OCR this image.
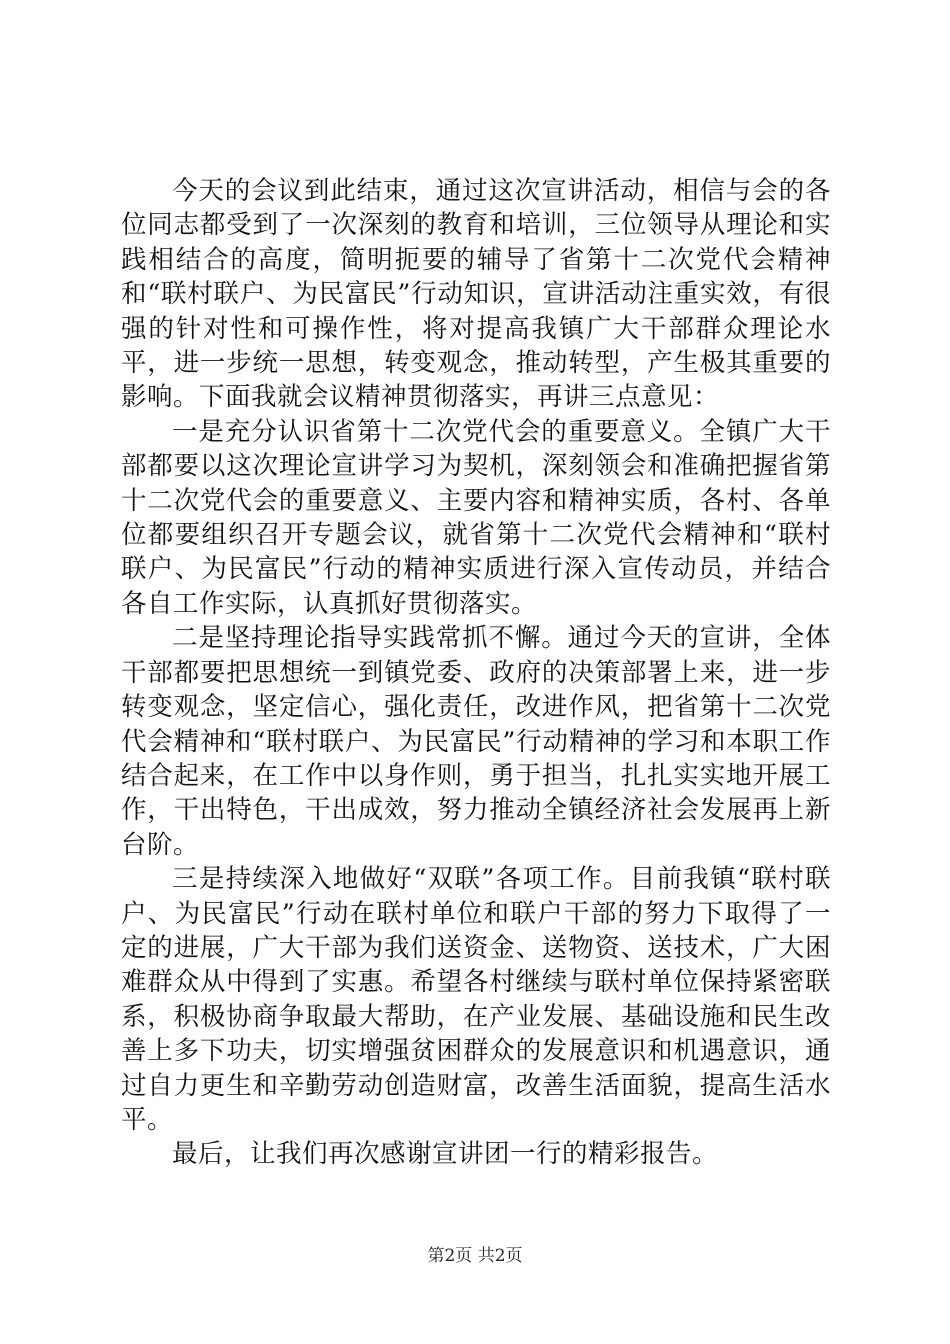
今天的会议到此结束，通过这次宣讲活动，相信与会的各位同志都受到了一次深刻的教育和培训，三位领导从理论和实践相结合的高度，简明扼要的辅导了省第十二次党代会精神和“联村联户、为民富民”行动知识，宣讲活动注重实效，有很强的针对性和可操作性，将对提高我镇广大干部群众理论水平，进一步统一思想，转变观念，推动转型，产生极其重要的影响。下面我就会议精神贯彻落实，再讲三点意见：

一是充分认识省第十二次党代会的重要意义。全镇广大干部都要以这次理论宣讲学习为契机，深刻领会和准确把握省第十二次党代会的重要意义、主要内容和精神实质，各村、各单位都要组织召开专题会议，就省第十二次党代会精神和“联村联户、为民富民”行动的精神实质进行深入宣传动员，并结合各自工作实际，认真抓好贯彻落实。

二是坚持理论指导实践常抓不懈。通过今天的宣讲，全体干部都要把思想统一到镇党委、政府的决策部署上来，进一步转变观念，坚定信心，强化责任，改进作风，把省第十二次党代会精神和“联村联户、为民富民”行动精神的学习和本职工作结合起来，在工作中以身作则，勇于担当，扎扎实实地开展工作，干出特色，干出成效，努力推动全镇经济社会发展再上新台阶。

三是持续深入地做好“双联”各项工作。目前我镇“联村联户、为民富民”行动在联村单位和联户干部的努力下取得了一定的进展，广大干部为我们送资金、送物资、送技术，广大困难群众从中得到了实惠。希望各村继续与联村单位保持紧密联系，积极协商争取最大帮助，在产业发展、基础设施和民生改善上多下功夫，切实增强贫困群众的发展意识和机遇意识，通过自力更生和辛勤劳动创造财富，改善生活面貌，提高生活水平。

最后，让我们再次感谢宣讲团一行的精彩报告。

第2页 共2页
